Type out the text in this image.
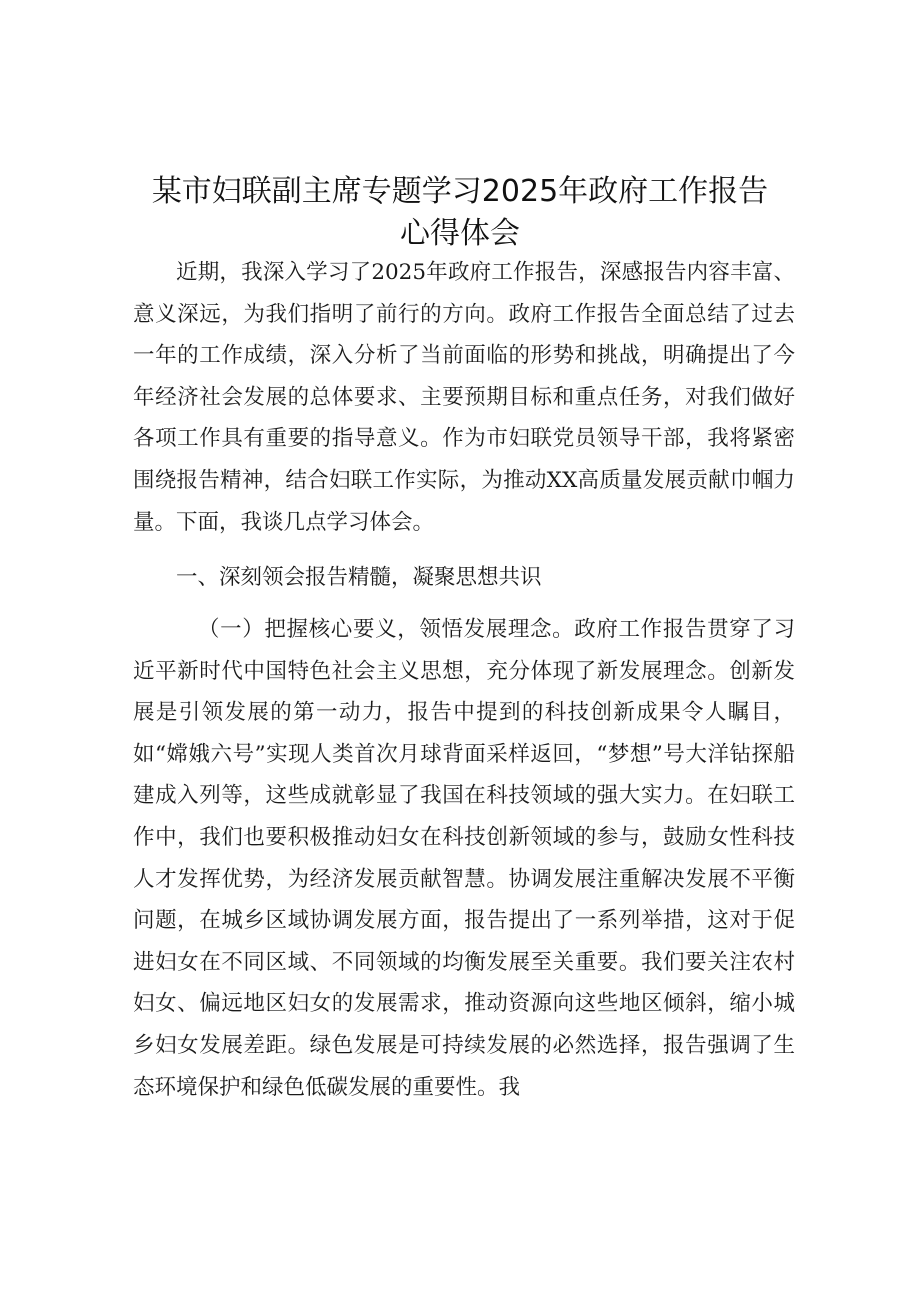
某市妇联副主席专题学习2025年政府工作报告
心得体会

近期，我深入学习了2025年政府工作报告，深感报告内容丰富、意义深远，为我们指明了前行的方向。政府工作报告全面总结了过去一年的工作成绩，深入分析了当前面临的形势和挑战，明确提出了今年经济社会发展的总体要求、主要预期目标和重点任务，对我们做好各项工作具有重要的指导意义。作为市妇联党员领导干部，我将紧密围绕报告精神，结合妇联工作实际，为推动XX高质量发展贡献巾帼力量。下面，我谈几点学习体会。

一、深刻领会报告精髓，凝聚思想共识

（一）把握核心要义，领悟发展理念。政府工作报告贯穿了习近平新时代中国特色社会主义思想，充分体现了新发展理念。创新发展是引领发展的第一动力，报告中提到的科技创新成果令人瞩目，如“嫦娥六号”实现人类首次月球背面采样返回，“梦想”号大洋钻探船建成入列等，这些成就彰显了我国在科技领域的强大实力。在妇联工作中，我们也要积极推动妇女在科技创新领域的参与，鼓励女性科技人才发挥优势，为经济发展贡献智慧。协调发展注重解决发展不平衡问题，在城乡区域协调发展方面，报告提出了一系列举措，这对于促进妇女在不同区域、不同领域的均衡发展至关重要。我们要关注农村妇女、偏远地区妇女的发展需求，推动资源向这些地区倾斜，缩小城乡妇女发展差距。绿色发展是可持续发展的必然选择，报告强调了生态环境保护和绿色低碳发展的重要性。我
